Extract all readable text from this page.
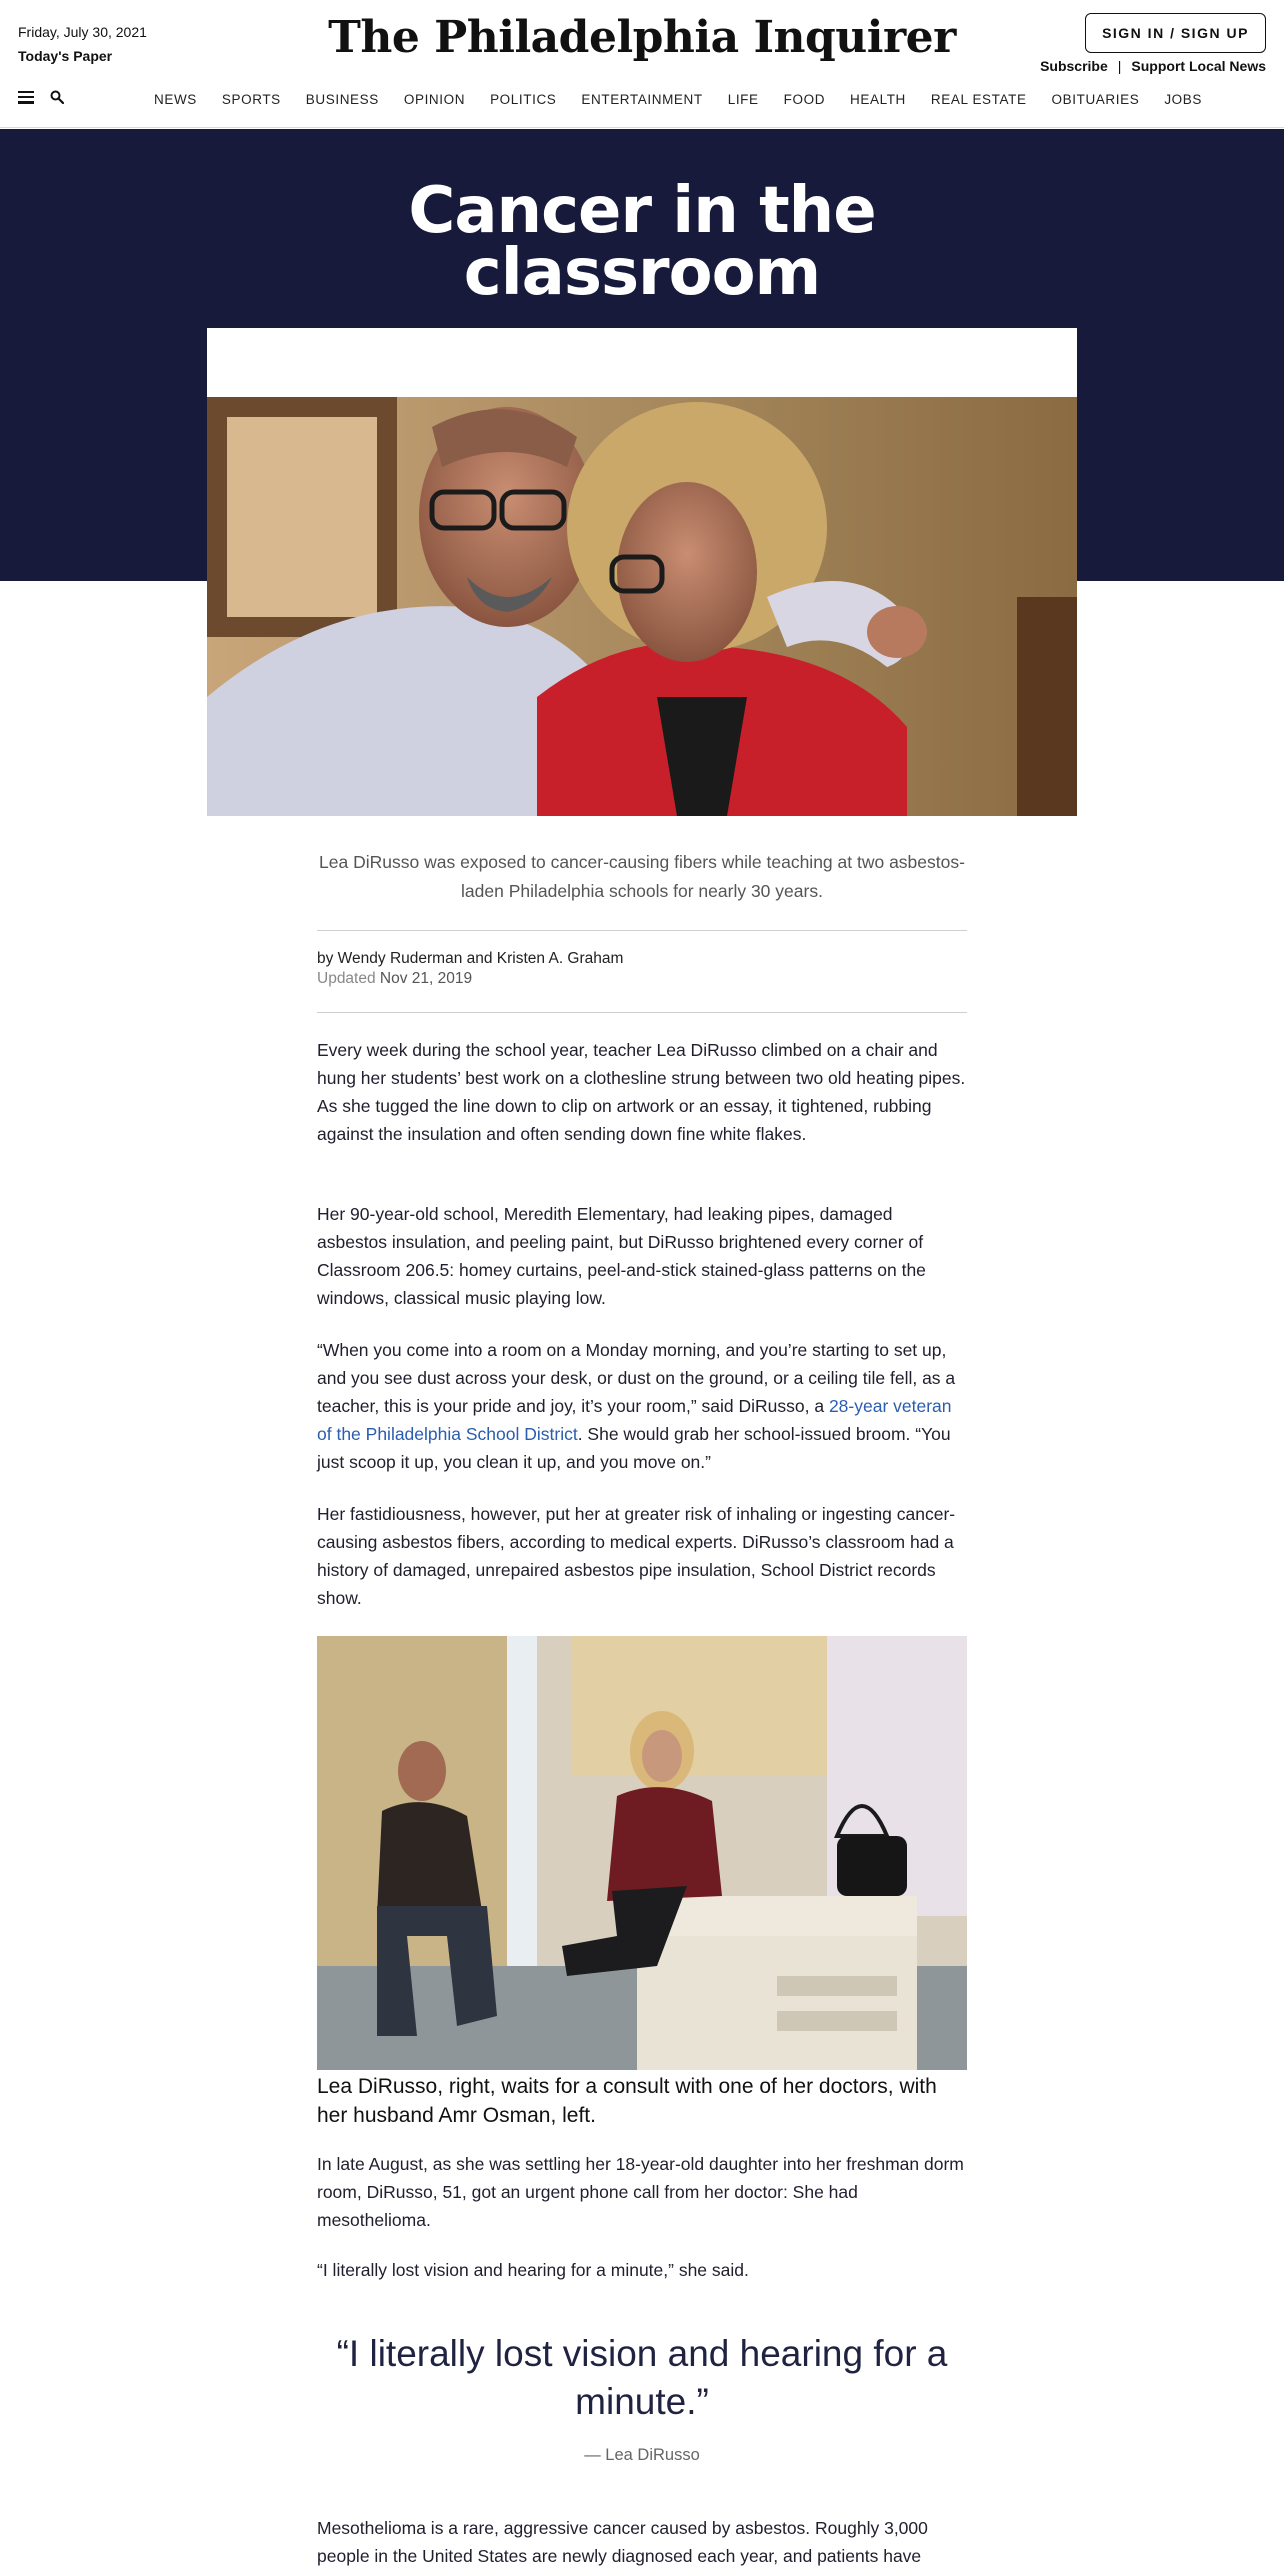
Friday, July 30, 2021
Today's Paper	The Philadelphia Inquirer	SIGN IN / SIGN UP
Subscribe | Support Local News
NEWS SPORTS BUSINESS OPINION POLITICS ENTERTAINMENT LIFE FOOD HEALTH REAL ESTATE OBITUARIES JOBS
Cancer in the
classroom

Lea DiRusso was exposed to cancer-causing fibers while teaching at two asbestos-laden Philadelphia schools for nearly 30 years.

by Wendy Ruderman and Kristen A. Graham
Updated Nov 21, 2019

Every week during the school year, teacher Lea DiRusso climbed on a chair and hung her students’ best work on a clothesline strung between two old heating pipes. As she tugged the line down to clip on artwork or an essay, it tightened, rubbing against the insulation and often sending down fine white flakes.

Her 90-year-old school, Meredith Elementary, had leaking pipes, damaged asbestos insulation, and peeling paint, but DiRusso brightened every corner of Classroom 206.5: homey curtains, peel-and-stick stained-glass patterns on the windows, classical music playing low.

“When you come into a room on a Monday morning, and you’re starting to set up, and you see dust across your desk, or dust on the ground, or a ceiling tile fell, as a teacher, this is your pride and joy, it’s your room,” said DiRusso, a 28-year veteran of the Philadelphia School District. She would grab her school-issued broom. “You just scoop it up, you clean it up, and you move on.”

Her fastidiousness, however, put her at greater risk of inhaling or ingesting cancer-causing asbestos fibers, according to medical experts. DiRusso’s classroom had a history of damaged, unrepaired asbestos pipe insulation, School District records show.

Lea DiRusso, right, waits for a consult with one of her doctors, with her husband Amr Osman, left.

In late August, as she was settling her 18-year-old daughter into her freshman dorm room, DiRusso, 51, got an urgent phone call from her doctor: She had mesothelioma.

“I literally lost vision and hearing for a minute,” she said.

“I literally lost vision and hearing for a minute.”
— Lea DiRusso

Mesothelioma is a rare, aggressive cancer caused by asbestos. Roughly 3,000 people in the United States are newly diagnosed each year, and patients have
